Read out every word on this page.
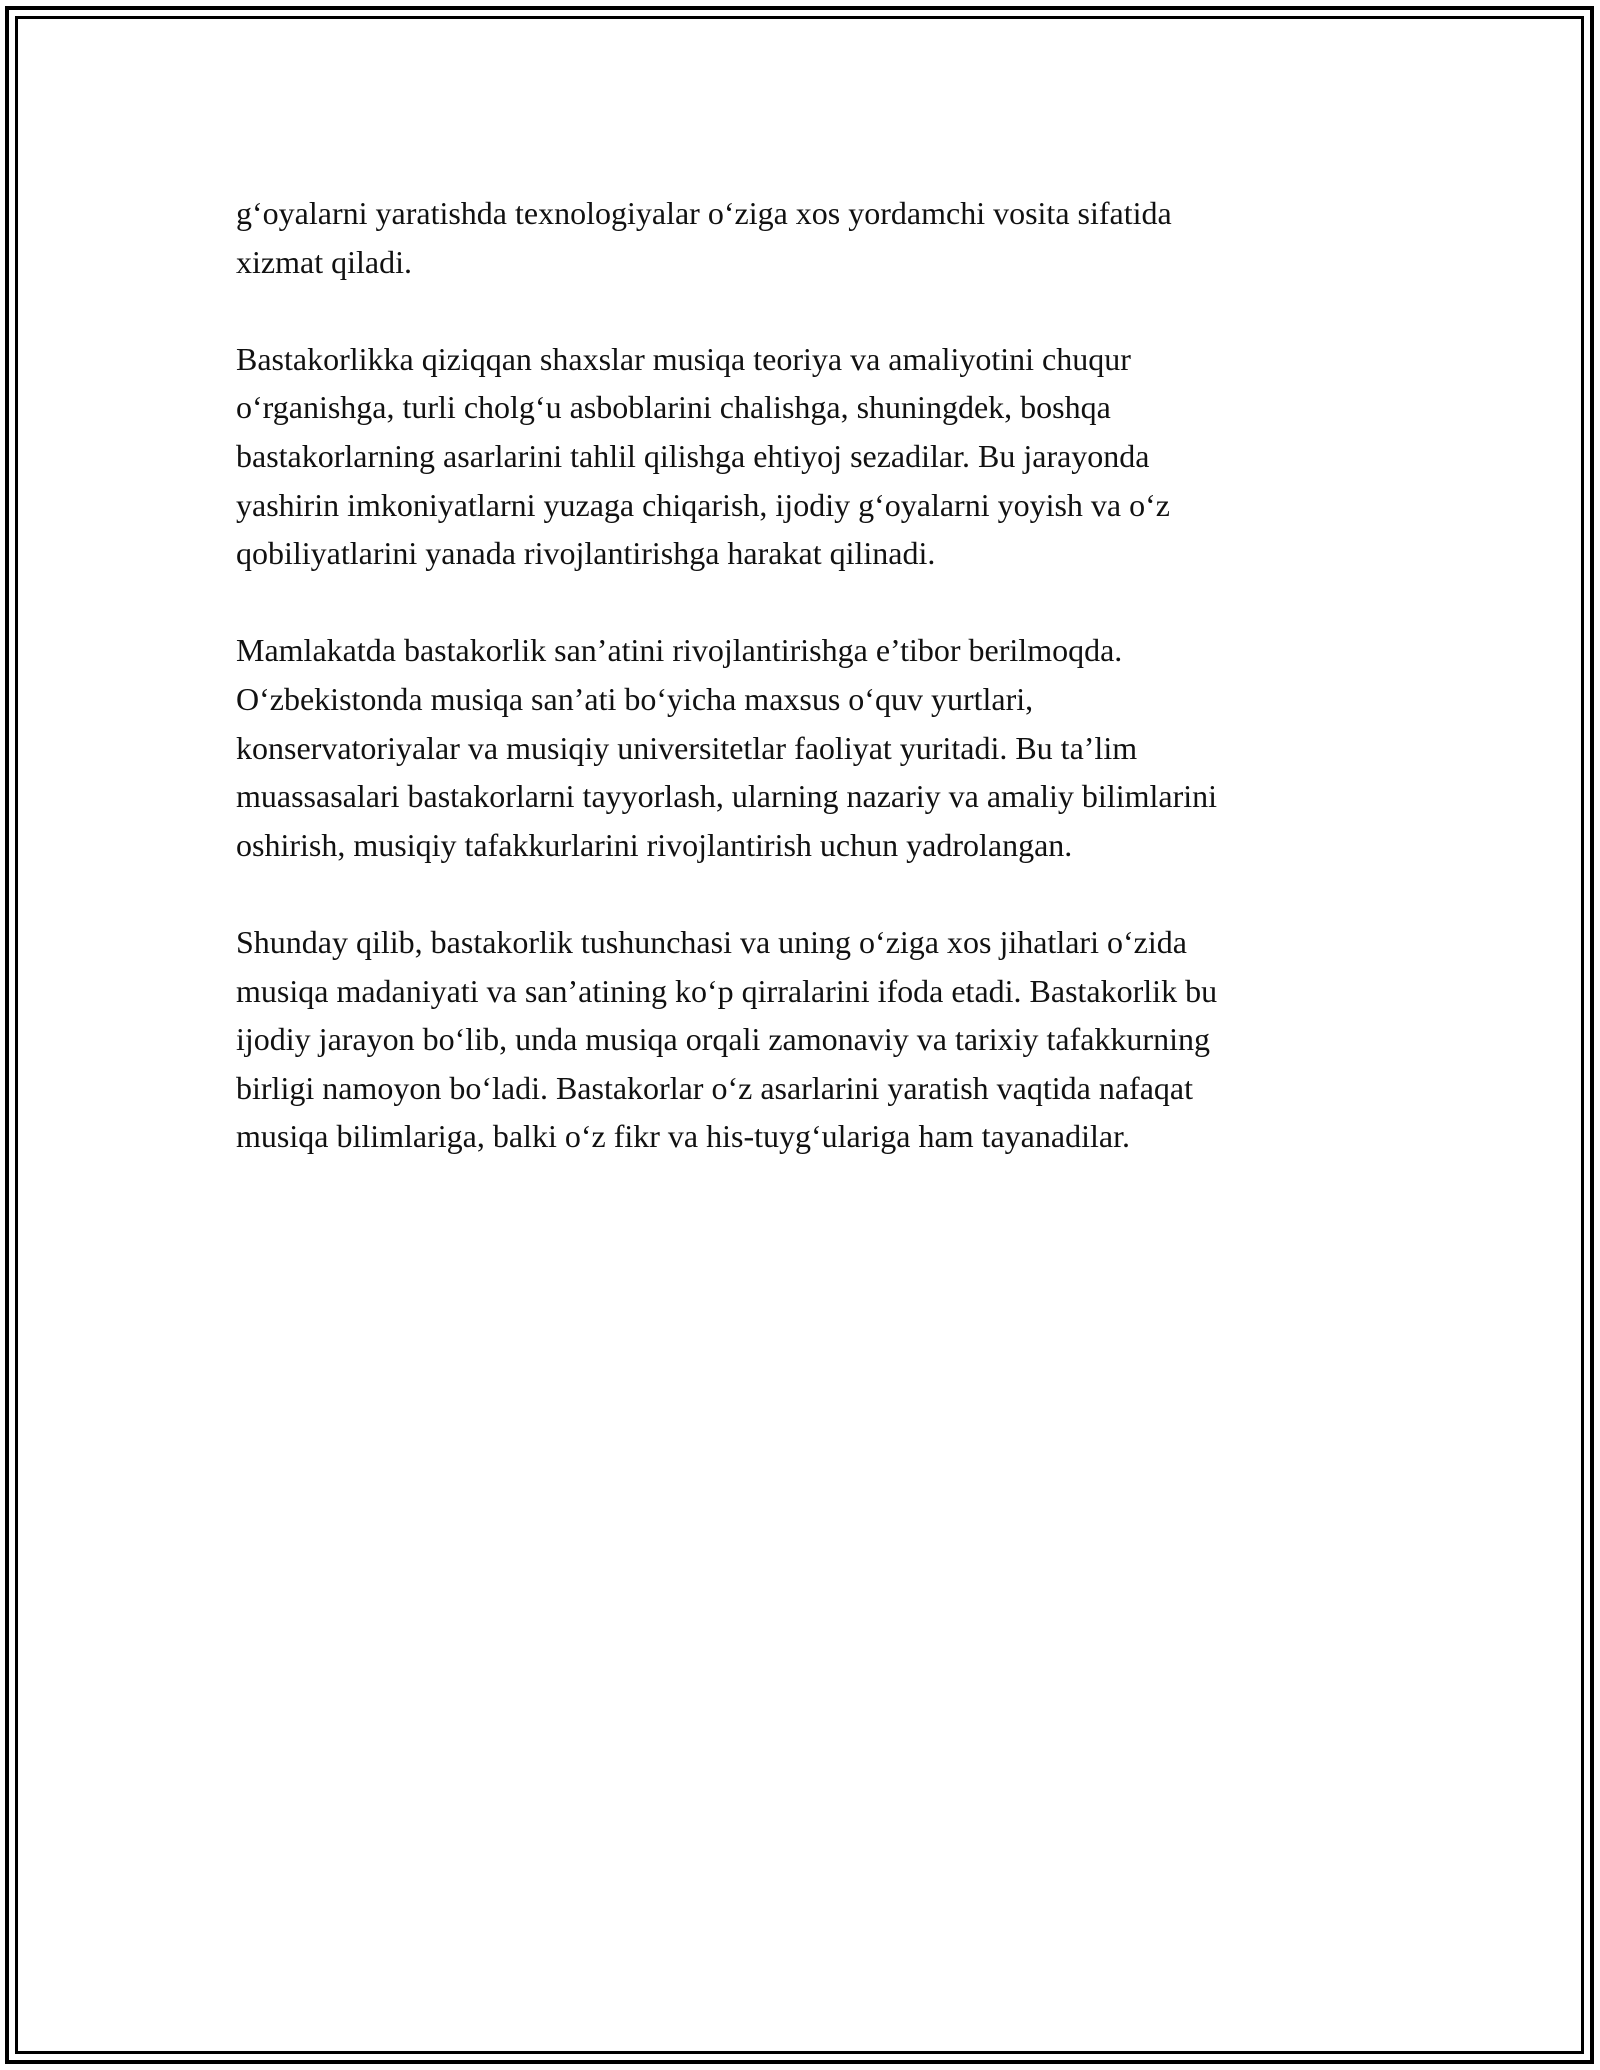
g‘oyalarni yaratishda texnologiyalar o‘ziga xos yordamchi vosita sifatida
xizmat qiladi.

Bastakorlikka qiziqqan shaxslar musiqa teoriya va amaliyotini chuqur
o‘rganishga, turli cholg‘u asboblarini chalishga, shuningdek, boshqa
bastakorlarning asarlarini tahlil qilishga ehtiyoj sezadilar. Bu jarayonda
yashirin imkoniyatlarni yuzaga chiqarish, ijodiy g‘oyalarni yoyish va o‘z
qobiliyatlarini yanada rivojlantirishga harakat qilinadi.

Mamlakatda bastakorlik san’atini rivojlantirishga e’tibor berilmoqda.
O‘zbekistonda musiqa san’ati bo‘yicha maxsus o‘quv yurtlari,
konservatoriyalar va musiqiy universitetlar faoliyat yuritadi. Bu ta’lim
muassasalari bastakorlarni tayyorlash, ularning nazariy va amaliy bilimlarini
oshirish, musiqiy tafakkurlarini rivojlantirish uchun yadrolangan.

Shunday qilib, bastakorlik tushunchasi va uning o‘ziga xos jihatlari o‘zida
musiqa madaniyati va san’atining ko‘p qirralarini ifoda etadi. Bastakorlik bu
ijodiy jarayon bo‘lib, unda musiqa orqali zamonaviy va tarixiy tafakkurning
birligi namoyon bo‘ladi. Bastakorlar o‘z asarlarini yaratish vaqtida nafaqat
musiqa bilimlariga, balki o‘z fikr va his-tuyg‘ulariga ham tayanadilar.
